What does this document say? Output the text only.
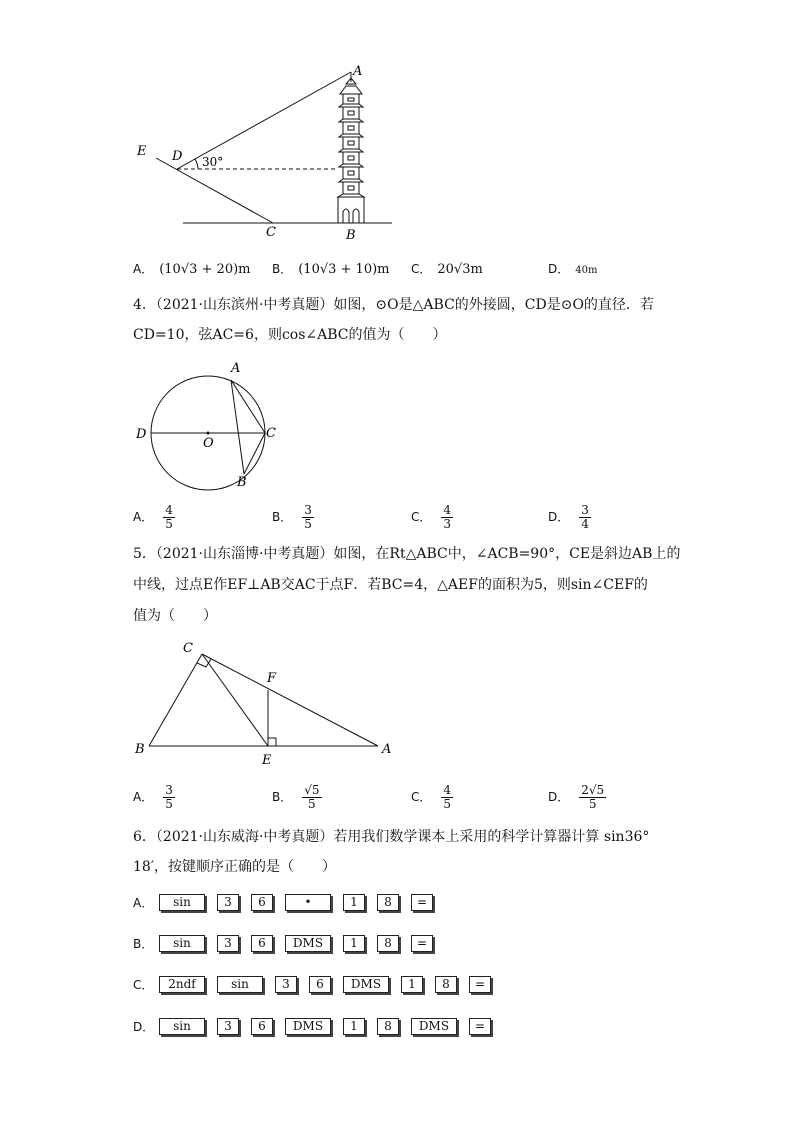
A
B
C
D
E
30°
A． (10√3 + 20)m B． (10√3 + 10)m C． 20√3m	D． 40m
4．（2021·山东滨州·中考真题）如图，⊙O是△ABC的外接圆，CD是⊙O的直径．若
CD=10，弦AC=6，则cos∠ABC的值为（　　）
A
B
C
D
O
A． $\frac{4}{5}$	B． $\frac{3}{5}$	C． $\frac{4}{3}$	D． $\frac{3}{4}$
5．（2021·山东淄博·中考真题）如图，在Rt△ABC中，∠ACB=90°，CE是斜边AB上的
中线，过点E作EF⊥AB交AC于点F．若BC=4，△AEF的面积为5，则sin∠CEF的
值为（　　）
B
C
A
E
F
A． $\frac{3}{5}$	B． $\frac{√5}{5}$	C． $\frac{4}{5}$	D． $\frac{2√5}{5}$
6．（2021·山东威海·中考真题）若用我们数学课本上采用的科学计算器计算 sin36°
18′，按键顺序正确的是（　　）
A．	sin	3	6	•	1	8	=
B．	sin	3	6	DMS	1	8	=
C．	2ndf	sin	3	6	DMS	1	8	=
D．	sin	3	6	DMS	1	8	DMS	=
